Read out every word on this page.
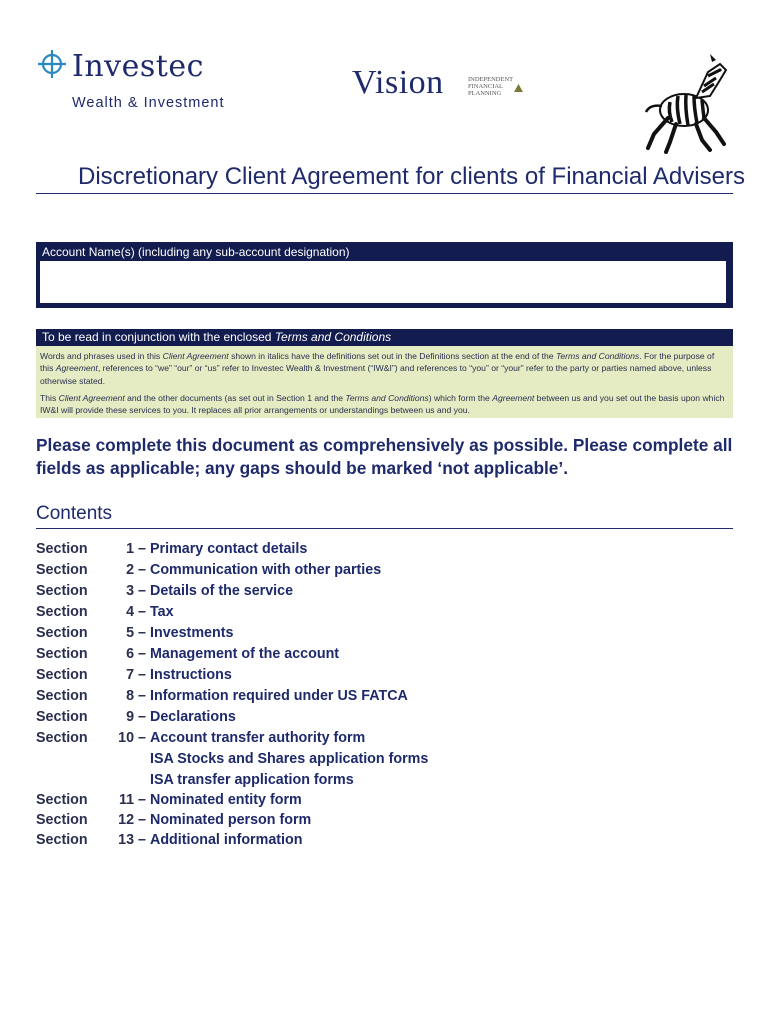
Investec
Wealth & Investment
Vision	INDEPENDENT FINANCIAL PLANNING
Discretionary Client Agreement for clients of Financial Advisers
Account Name(s) (including any sub-account designation)
To be read in conjunction with the enclosed Terms and Conditions

Words and phrases used in this Client Agreement shown in italics have the definitions set out in the Definitions section at the end of the Terms and Conditions. For the purpose of this Agreement, references to “we” “our” or “us” refer to Investec Wealth & Investment (“IW&I”) and references to “you” or “your” refer to the party or parties named above, unless otherwise stated.

This Client Agreement and the other documents (as set out in Section 1 and the Terms and Conditions) which form the Agreement between us and you set out the basis upon which IW&I will provide these services to you. It replaces all prior arrangements or understandings between us and you.

Please complete this document as comprehensively as possible. Please complete all fields as applicable; any gaps should be marked ‘not applicable’.
Contents
Section	1 – Primary contact details
Section	2 – Communication with other parties
Section	3 – Details of the service
Section	4 – Tax
Section	5 – Investments
Section	6 – Management of the account
Section	7 – Instructions
Section	8 – Information required under US FATCA
Section	9 – Declarations
Section	10 – Account transfer authority form
ISA Stocks and Shares application forms
ISA transfer application forms
Section	11 – Nominated entity form
Section	12 – Nominated person form
Section	13 – Additional information
